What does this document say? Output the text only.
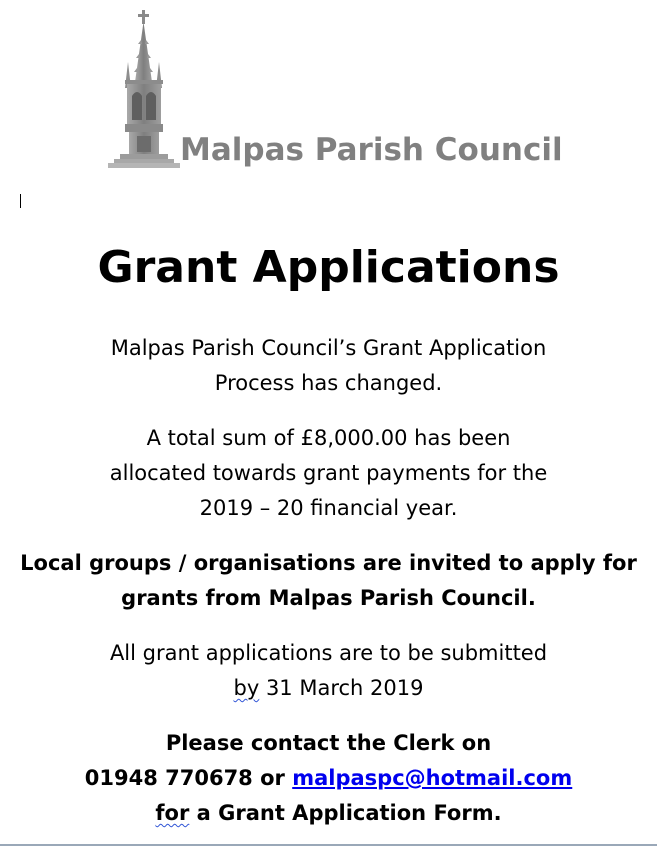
Malpas Parish Council
Grant Applications
Malpas Parish Council’s Grant Application
Process has changed.
A total sum of £8,000.00 has been
allocated towards grant payments for the
2019 – 20 financial year.
Local groups / organisations are invited to apply for
grants from Malpas Parish Council.
All grant applications are to be submitted
by 31 March 2019
Please contact the Clerk on
01948 770678 or malpaspc@hotmail.com
for a Grant Application Form.
